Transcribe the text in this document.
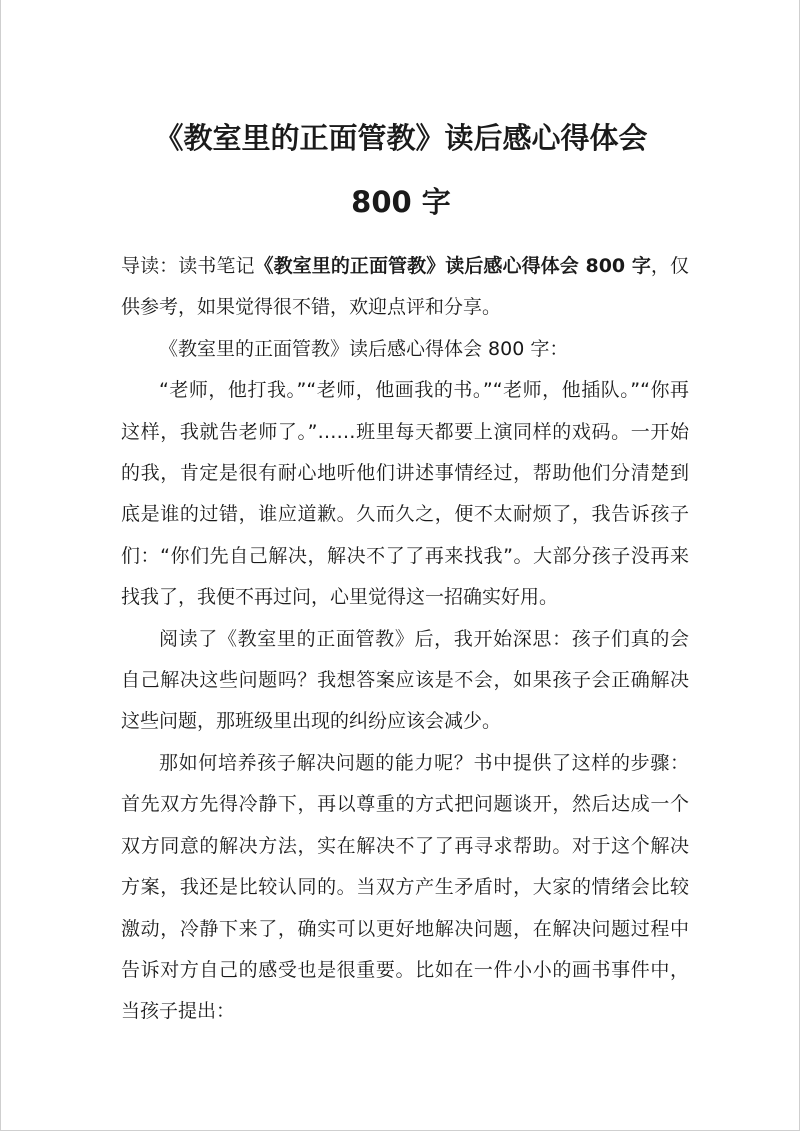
《教室里的正面管教》读后感心得体会 800 字

导读：读书笔记《教室里的正面管教》读后感心得体会 800 字，仅供参考，如果觉得很不错，欢迎点评和分享。

《教室里的正面管教》读后感心得体会 800 字：

“老师，他打我。”“老师，他画我的书。”“老师，他插队。”“你再这样，我就告老师了。”……班里每天都要上演同样的戏码。一开始的我，肯定是很有耐心地听他们讲述事情经过，帮助他们分清楚到底是谁的过错，谁应道歉。久而久之，便不太耐烦了，我告诉孩子们：“你们先自己解决，解决不了了再来找我”。大部分孩子没再来找我了，我便不再过问，心里觉得这一招确实好用。

阅读了《教室里的正面管教》后，我开始深思：孩子们真的会自己解决这些问题吗？我想答案应该是不会，如果孩子会正确解决这些问题，那班级里出现的纠纷应该会减少。

那如何培养孩子解决问题的能力呢？书中提供了这样的步骤：首先双方先得冷静下，再以尊重的方式把问题谈开，然后达成一个双方同意的解决方法，实在解决不了了再寻求帮助。对于这个解决方案，我还是比较认同的。当双方产生矛盾时，大家的情绪会比较激动，冷静下来了，确实可以更好地解决问题，在解决问题过程中告诉对方自己的感受也是很重要。比如在一件小小的画书事件中，当孩子提出：
